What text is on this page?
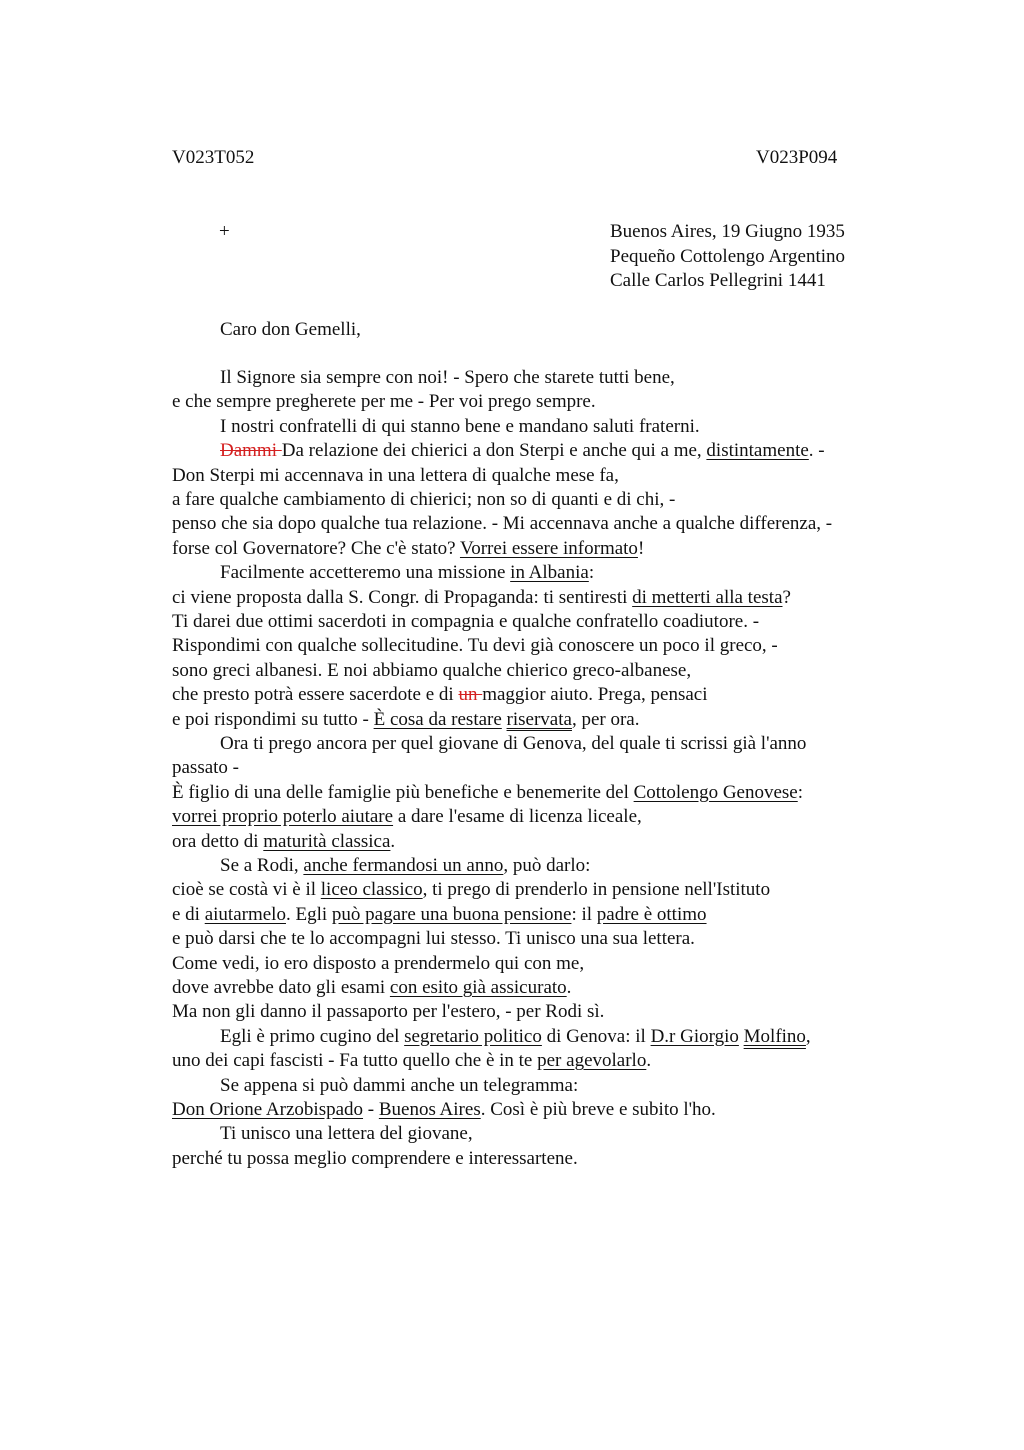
V023T052	V023P094
+	Buenos Aires, 19 Giugno 1935
Pequeño Cottolengo Argentino
Calle Carlos Pellegrini 1441
Caro don Gemelli,
Il Signore sia sempre con noi! - Spero che starete tutti bene,
e che sempre pregherete per me - Per voi prego sempre.
I nostri confratelli di qui stanno bene e mandano saluti fraterni.
Dammi Da relazione dei chierici a don Sterpi e anche qui a me, distintamente. -
Don Sterpi mi accennava in una lettera di qualche mese fa,
a fare qualche cambiamento di chierici; non so di quanti e di chi, -
penso che sia dopo qualche tua relazione. - Mi accennava anche a qualche differenza, -
forse col Governatore? Che c'è stato? Vorrei essere informato!
Facilmente accetteremo una missione in Albania:
ci viene proposta dalla S. Congr. di Propaganda: ti sentiresti di metterti alla testa?
Ti darei due ottimi sacerdoti in compagnia e qualche confratello coadiutore. -
Rispondimi con qualche sollecitudine. Tu devi già conoscere un poco il greco, -
sono greci albanesi. E noi abbiamo qualche chierico greco-albanese,
che presto potrà essere sacerdote e di un maggior aiuto. Prega, pensaci
e poi rispondimi su tutto - È cosa da restare riservata, per ora.
Ora ti prego ancora per quel giovane di Genova, del quale ti scrissi già l'anno
passato -
È figlio di una delle famiglie più benefiche e benemerite del Cottolengo Genovese:
vorrei proprio poterlo aiutare a dare l'esame di licenza liceale,
ora detto di maturità classica.
Se a Rodi, anche fermandosi un anno, può darlo:
cioè se costà vi è il liceo classico, ti prego di prenderlo in pensione nell'Istituto
e di aiutarmelo. Egli può pagare una buona pensione: il padre è ottimo
e può darsi che te lo accompagni lui stesso. Ti unisco una sua lettera.
Come vedi, io ero disposto a prendermelo qui con me,
dove avrebbe dato gli esami con esito già assicurato.
Ma non gli danno il passaporto per l'estero, - per Rodi sì.
Egli è primo cugino del segretario politico di Genova: il D.r Giorgio Molfino,
uno dei capi fascisti - Fa tutto quello che è in te per agevolarlo.
Se appena si può dammi anche un telegramma:
Don Orione Arzobispado - Buenos Aires. Così è più breve e subito l'ho.
Ti unisco una lettera del giovane,
perché tu possa meglio comprendere e interessartene.
